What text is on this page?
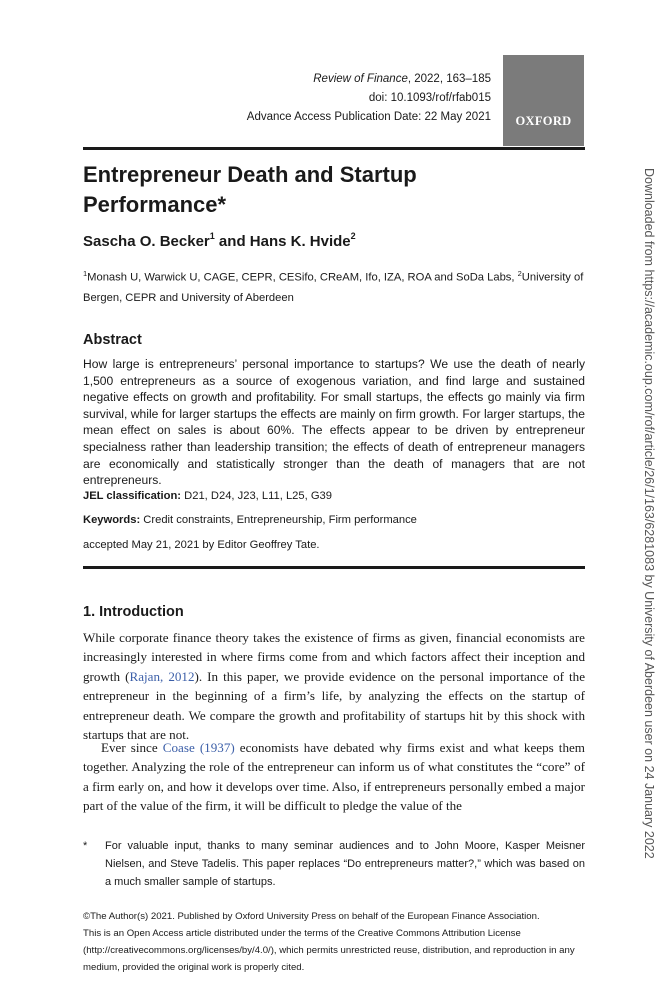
Review of Finance, 2022, 163–185
doi: 10.1093/rof/rfab015
Advance Access Publication Date: 22 May 2021 OXFORD
Entrepreneur Death and Startup Performance*
Sascha O. Becker$^1$ and Hans K. Hvide$^2$
$^1$Monash U, Warwick U, CAGE, CEPR, CESifo, CReAM, Ifo, IZA, ROA and SoDa Labs, $^2$University of Bergen, CEPR and University of Aberdeen
Abstract

How large is entrepreneurs’ personal importance to startups? We use the death of nearly 1,500 entrepreneurs as a source of exogenous variation, and find large and sustained negative effects on growth and profitability. For small startups, the effects go mainly via firm survival, while for larger startups the effects are mainly on firm growth. For larger startups, the mean effect on sales is about 60%. The effects appear to be driven by entrepreneur specialness rather than leadership transition; the effects of death of entrepreneur managers are economically and statistically stronger than the death of managers that are not entrepreneurs.

JEL classification: D21, D24, J23, L11, L25, G39
Keywords: Credit constraints, Entrepreneurship, Firm performance
accepted May 21, 2021 by Editor Geoffrey Tate.
1. Introduction

While corporate finance theory takes the existence of firms as given, financial economists are increasingly interested in where firms come from and which factors affect their inception and growth (Rajan, 2012). In this paper, we provide evidence on the personal importance of the entrepreneur in the beginning of a firm’s life, by analyzing the effects on the startup of entrepreneur death. We compare the growth and profitability of startups hit by this shock with startups that are not.

Ever since Coase (1937) economists have debated why firms exist and what keeps them together. Analyzing the role of the entrepreneur can inform us of what constitutes the “core” of a firm early on, and how it develops over time. Also, if entrepreneurs personally embed a major part of the value of the firm, it will be difficult to pledge the value of the

*	For valuable input, thanks to many seminar audiences and to John Moore, Kasper Meisner Nielsen, and Steve Tadelis. This paper replaces “Do entrepreneurs matter?,” which was based on a much smaller sample of startups.

©The Author(s) 2021. Published by Oxford University Press on behalf of the European Finance Association.

This is an Open Access article distributed under the terms of the Creative Commons Attribution License (http://creativecommons.org/licenses/by/4.0/), which permits unrestricted reuse, distribution, and reproduction in any medium, provided the original work is properly cited.

Downloaded from https://academic.oup.com/rof/article/26/1/163/6281083 by University of Aberdeen user on 24 January 2022
